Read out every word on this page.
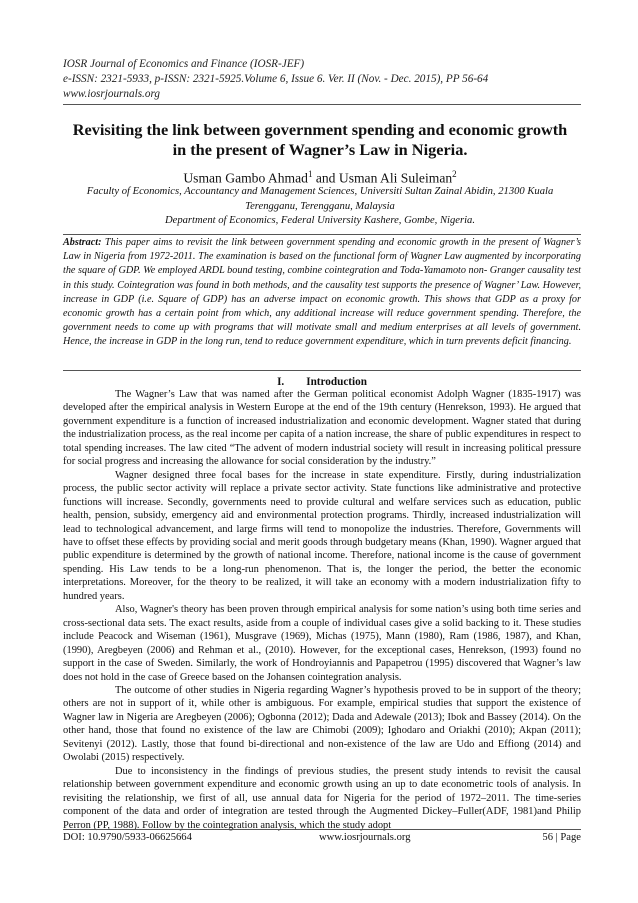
IOSR Journal of Economics and Finance (IOSR-JEF)
e-ISSN: 2321-5933, p-ISSN: 2321-5925.Volume 6, Issue 6. Ver. II (Nov. - Dec. 2015), PP 56-64
www.iosrjournals.org
Revisiting the link between government spending and economic growth in the present of Wagner’s Law in Nigeria.
Usman Gambo Ahmad$^1$ and Usman Ali Suleiman$^2$
Faculty of Economics, Accountancy and Management Sciences, Universiti Sultan Zainal Abidin, 21300 Kuala Terengganu, Terengganu, Malaysia
Department of Economics, Federal University Kashere, Gombe, Nigeria.
Abstract: This paper aims to revisit the link between government spending and economic growth in the present of Wagner’s Law in Nigeria from 1972-2011. The examination is based on the functional form of Wagner Law augmented by incorporating the square of GDP. We employed ARDL bound testing, combine cointegration and Toda-Yamamoto non- Granger causality test in this study. Cointegration was found in both methods, and the causality test supports the presence of Wagner’ Law. However, increase in GDP (i.e. Square of GDP) has an adverse impact on economic growth. This shows that GDP as a proxy for economic growth has a certain point from which, any additional increase will reduce government spending. Therefore, the government needs to come up with programs that will motivate small and medium enterprises at all levels of government. Hence, the increase in GDP in the long run, tend to reduce government expenditure, which in turn prevents deficit financing.
I. Introduction

The Wagner’s Law that was named after the German political economist Adolph Wagner (1835-1917) was developed after the empirical analysis in Western Europe at the end of the 19th century (Henrekson, 1993). He argued that government expenditure is a function of increased industrialization and economic development. Wagner stated that during the industrialization process, as the real income per capita of a nation increase, the share of public expenditures in respect to total spending increases. The law cited “The advent of modern industrial society will result in increasing political pressure for social progress and increasing the allowance for social consideration by the industry.”

Wagner designed three focal bases for the increase in state expenditure. Firstly, during industrialization process, the public sector activity will replace a private sector activity. State functions like administrative and protective functions will increase. Secondly, governments need to provide cultural and welfare services such as education, public health, pension, subsidy, emergency aid and environmental protection programs. Thirdly, increased industrialization will lead to technological advancement, and large firms will tend to monopolize the industries. Therefore, Governments will have to offset these effects by providing social and merit goods through budgetary means (Khan, 1990). Wagner argued that public expenditure is determined by the growth of national income. Therefore, national income is the cause of government spending. His Law tends to be a long-run phenomenon. That is, the longer the period, the better the economic interpretations. Moreover, for the theory to be realized, it will take an economy with a modern industrialization fifty to hundred years.

Also, Wagner's theory has been proven through empirical analysis for some nation’s using both time series and cross-sectional data sets. The exact results, aside from a couple of individual cases give a solid backing to it. These studies include Peacock and Wiseman (1961), Musgrave (1969), Michas (1975), Mann (1980), Ram (1986, 1987), and Khan, (1990), Aregbeyen (2006) and Rehman et al., (2010). However, for the exceptional cases, Henrekson, (1993) found no support in the case of Sweden. Similarly, the work of Hondroyiannis and Papapetrou (1995) discovered that Wagner’s law does not hold in the case of Greece based on the Johansen cointegration analysis.

The outcome of other studies in Nigeria regarding Wagner’s hypothesis proved to be in support of the theory; others are not in support of it, while other is ambiguous. For example, empirical studies that support the existence of Wagner law in Nigeria are Aregbeyen (2006); Ogbonna (2012); Dada and Adewale (2013); Ibok and Bassey (2014). On the other hand, those that found no existence of the law are Chimobi (2009); Ighodaro and Oriakhi (2010); Akpan (2011); Sevitenyi (2012). Lastly, those that found bi-directional and non-existence of the law are Udo and Effiong (2014) and Owolabi (2015) respectively.

Due to inconsistency in the findings of previous studies, the present study intends to revisit the causal relationship between government expenditure and economic growth using an up to date econometric tools of analysis. In revisiting the relationship, we first of all, use annual data for Nigeria for the period of 1972–2011. The time-series component of the data and order of integration are tested through the Augmented Dickey–Fuller(ADF, 1981)and Philip Perron (PP, 1988). Follow by the cointegration analysis, which the study adopt

DOI: 10.9790/5933-06625664	www.iosrjournals.org	56 | Page
